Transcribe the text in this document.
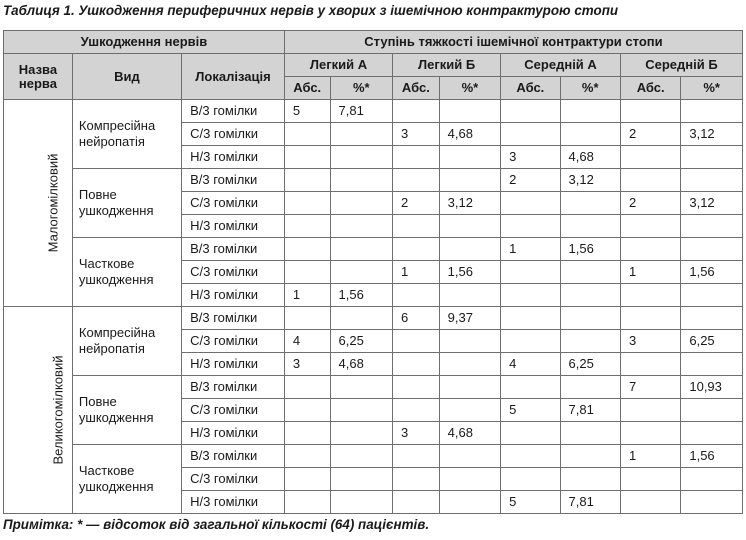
Таблиця 1. Ушкодження периферичних нервів у хворих з ішемічною контрактурою стопи
Ушкодження нервів			Ступінь тяжкості ішемічної контрактури стопи							
Назва нерва	Вид	Локалізація	Легкий А		Легкий Б		Середній А		Середній Б	
			Абс.	%*	Абс.	%*	Абс.	%*	Абс.	%*
Малогомілковий	Компресійна нейропатія	В/3 гомілки	5	7,81						
		С/3 гомілки			3	4,68			2	3,12
		Н/3 гомілки					3	4,68		
	Повне ушкодження	В/3 гомілки					2	3,12		
		С/3 гомілки			2	3,12			2	3,12
		Н/3 гомілки								
	Часткове ушкодження	В/3 гомілки					1	1,56		
		С/3 гомілки			1	1,56			1	1,56
		Н/3 гомілки	1	1,56						
Великогомілковий	Компресійна нейропатія	В/3 гомілки			6	9,37				
		С/3 гомілки	4	6,25					3	6,25
		Н/3 гомілки	3	4,68			4	6,25		
	Повне ушкодження	В/3 гомілки							7	10,93
		С/3 гомілки					5	7,81		
		Н/3 гомілки			3	4,68				
	Часткове ушкодження	В/3 гомілки							1	1,56
		С/3 гомілки								
		Н/3 гомілки					5	7,81		
Примітка: * — відсоток від загальної кількості (64) пацієнтів.
